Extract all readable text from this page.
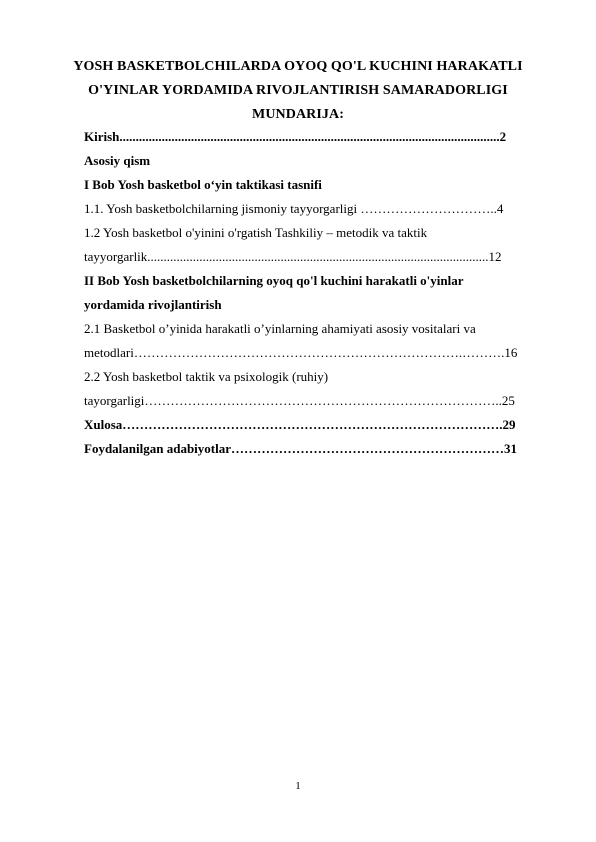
YOSH BASKETBOLCHILARDA OYOQ QO'L KUCHINI HARAKATLI
O'YINLAR YORDAMIDA RIVOJLANTIRISH SAMARADORLIGI
MUNDARIJA:
Kirish.....................................................................................................................2
Asosiy qism
I Bob Yosh basketbol o‘yin taktikasi tasnifi
1.1. Yosh basketbolchilarning jismoniy tayyorgarligi …………………………..4
1.2 Yosh basketbol o'yinini o'rgatish Tashkiliy – metodik va taktik
tayyorgarlik.........................................................................................................12
II Bob Yosh basketbolchilarning oyoq qo'l kuchini harakatli o'yinlar
yordamida rivojlantirish
2.1 Basketbol o’yinida harakatli o’yinlarning ahamiyati asosiy vositalari va
metodlari………………………………………………………………….……….16
2.2 Yosh basketbol taktik va psixologik (ruhiy)
tayorgarligi………………………………………………………………………..25
Xulosa…………………………………………………………………………….29
Foydalanilgan adabiyotlar………………………………………………………31
1
